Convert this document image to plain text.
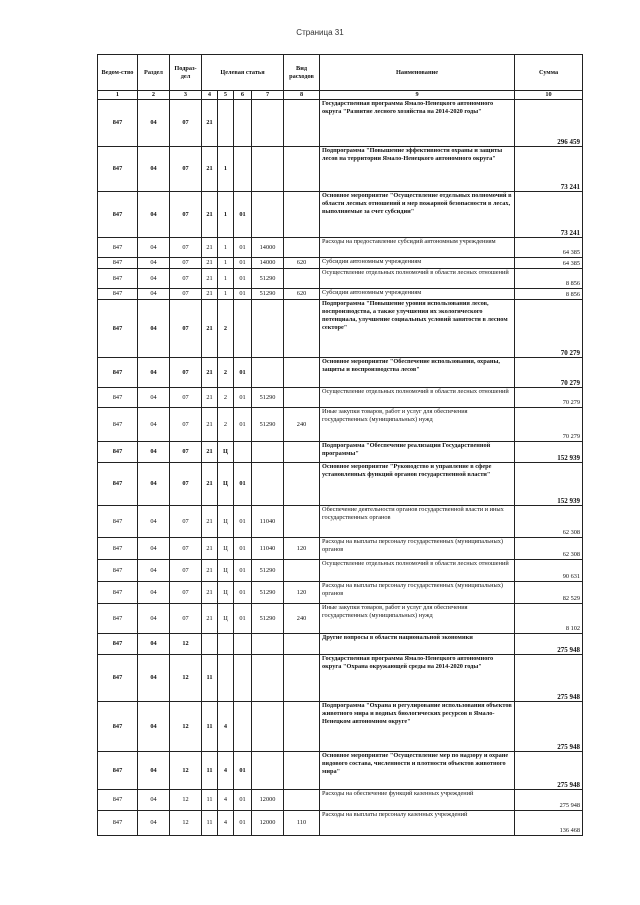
Страница 31
Ведом-ство	Раздел	Подраз-дел	Целевая статья				Вид расходов	Наименование	Сумма

1	2	3	4	5	6	7	8	9	10
847	04	07	21					Государственная программа Ямало-Ненецкого автономного округа "Развитие лесного хозяйства на 2014-2020 годы"	296 459
847	04	07	21	1				Подпрограмма "Повышение эффективности охраны и защиты лесов на территории Ямало-Ненецкого автономного округа"	73 241
847	04	07	21	1	01			Основное мероприятие "Осуществление отдельных полномочий в области лесных отношений и мер пожарной безопасности в лесах, выполняемые за счет субсидии"	73 241
847	04	07	21	1	01	14000		Расходы на предоставление субсидий автономным учреждениям	64 385
847	04	07	21	1	01	14000	620	Субсидии автономным учреждениям	64 385
847	04	07	21	1	01	51290		Осуществление отдельных полномочий в области лесных отношений	8 856
847	04	07	21	1	01	51290	620	Субсидии автономным учреждениям	8 856
847	04	07	21	2				Подпрограмма "Повышение уровня использования лесов, воспроизводства, а также улучшения их экологического потенциала, улучшение социальных условий занятости в лесном секторе"	70 279
847	04	07	21	2	01			Основное мероприятие "Обеспечение использования, охраны, защиты и воспроизводства лесов"	70 279
847	04	07	21	2	01	51290		Осуществление отдельных полномочий в области лесных отношений	70 279
847	04	07	21	2	01	51290	240	Иные закупки товаров, работ и услуг для обеспечения государственных (муниципальных) нужд	70 279
847	04	07	21	Ц				Подпрограмма "Обеспечение реализации Государственной программы"	152 939
847	04	07	21	Ц	01			Основное мероприятие "Руководство и управление в сфере установленных функций органов государственной власти"	152 939
847	04	07	21	Ц	01	11040		Обеспечение деятельности органов государственной власти и иных государственных органов	62 308
847	04	07	21	Ц	01	11040	120	Расходы на выплаты персоналу государственных (муниципальных) органов	62 308
847	04	07	21	Ц	01	51290		Осуществление отдельных полномочий в области лесных отношений	90 631
847	04	07	21	Ц	01	51290	120	Расходы на выплаты персоналу государственных (муниципальных) органов	82 529
847	04	07	21	Ц	01	51290	240	Иные закупки товаров, работ и услуг для обеспечения государственных (муниципальных) нужд	8 102
847	04	12						Другие вопросы в области национальной экономики	275 948
847	04	12	11					Государственная программа Ямало-Ненецкого автономного округа "Охрана окружающей среды на 2014-2020 годы"	275 948
847	04	12	11	4				Подпрограмма "Охрана и регулирование использования объектов животного мира и водных биологических ресурсов в Ямало-Ненецком автономном округе"	275 948
847	04	12	11	4	01			Основное мероприятие "Осуществление мер по надзору и охране видового состава, численности и плотности объектов животного мира"	275 948
847	04	12	11	4	01	12000		Расходы на обеспечение функций казенных учреждений	275 948
847	04	12	11	4	01	12000	110	Расходы на выплаты персоналу казенных учреждений	136 468
